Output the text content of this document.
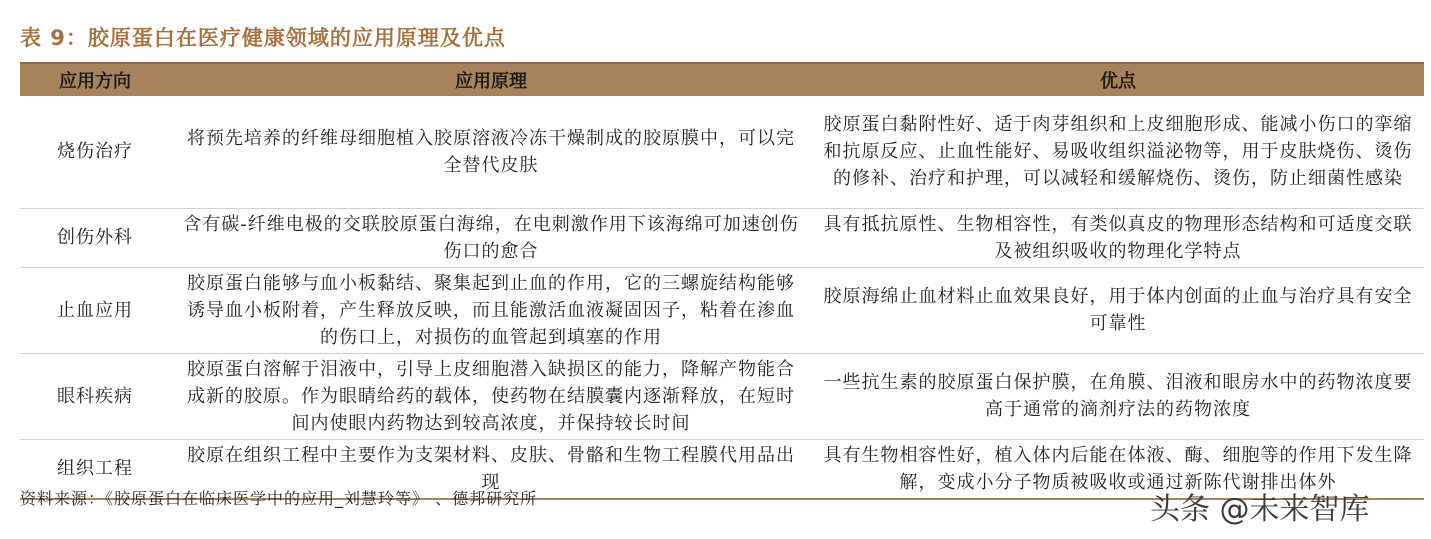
表 9：胶原蛋白在医疗健康领域的应用原理及优点
应用方向	应用原理	优点
烧伤治疗	将预先培养的纤维母细胞植入胶原溶液冷冻干燥制成的胶原膜中，可以完全替代皮肤	胶原蛋白黏附性好、适于肉芽组织和上皮细胞形成、能减小伤口的挛缩和抗原反应、止血性能好、易吸收组织溢泌物等，用于皮肤烧伤、烫伤的修补、治疗和护理，可以减轻和缓解烧伤、烫伤，防止细菌性感染
创伤外科	含有碳-纤维电极的交联胶原蛋白海绵，在电刺激作用下该海绵可加速创伤伤口的愈合	具有抵抗原性、生物相容性，有类似真皮的物理形态结构和可适度交联及被组织吸收的物理化学特点
止血应用	胶原蛋白能够与血小板黏结、聚集起到止血的作用，它的三螺旋结构能够诱导血小板附着，产生释放反映，而且能激活血液凝固因子，粘着在渗血的伤口上，对损伤的血管起到填塞的作用	胶原海绵止血材料止血效果良好，用于体内创面的止血与治疗具有安全可靠性
眼科疾病	胶原蛋白溶解于泪液中，引导上皮细胞潜入缺损区的能力，降解产物能合成新的胶原。作为眼睛给药的载体，使药物在结膜囊内逐渐释放，在短时间内使眼内药物达到较高浓度，并保持较长时间	一些抗生素的胶原蛋白保护膜，在角膜、泪液和眼房水中的药物浓度要高于通常的滴剂疗法的药物浓度
组织工程	胶原在组织工程中主要作为支架材料、皮肤、骨骼和生物工程膜代用品出现	具有生物相容性好，植入体内后能在体液、酶、细胞等的作用下发生降解，变成小分子物质被吸收或通过新陈代谢排出体外
资料来源：《胶原蛋白在临床医学中的应用_刘慧玲等》 、德邦研究所	头条 @未来智库
